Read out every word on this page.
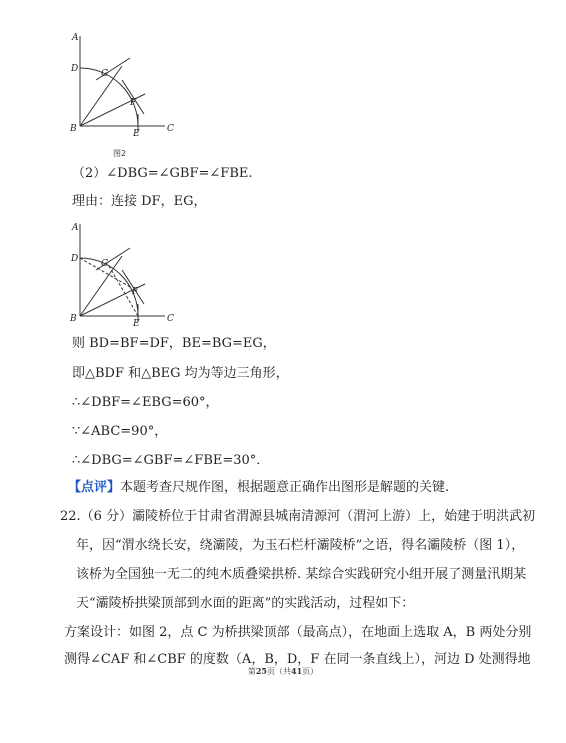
A
D	G
F
B	E	C
图2
（2）∠DBG=∠GBF=∠FBE.
理由：连接 DF，EG，
A
D	G
F
B	E	C
则 BD=BF=DF，BE=BG=EG，
即△BDF 和△BEG 均为等边三角形，
∴∠DBF=∠EBG=60°，
∵∠ABC=90°，
∴∠DBG=∠GBF=∠FBE=30°．
【点评】本题考查尺规作图，根据题意正确作出图形是解题的关键.
22.（6 分）灞陵桥位于甘肃省渭源县城南清源河（渭河上游）上，始建于明洪武初
年，因“渭水绕长安，绕灞陵，为玉石栏杆灞陵桥”之语，得名灞陵桥（图 1），
该桥为全国独一无二的纯木质叠梁拱桥. 某综合实践研究小组开展了测量汛期某
天“灞陵桥拱梁顶部到水面的距离”的实践活动，过程如下：
方案设计：如图 2，点 C 为桥拱梁顶部（最高点），在地面上选取 A，B 两处分别
测得∠CAF 和∠CBF 的度数（A，B，D，F 在同一条直线上），河边 D 处测得地
第25页（共41页）
